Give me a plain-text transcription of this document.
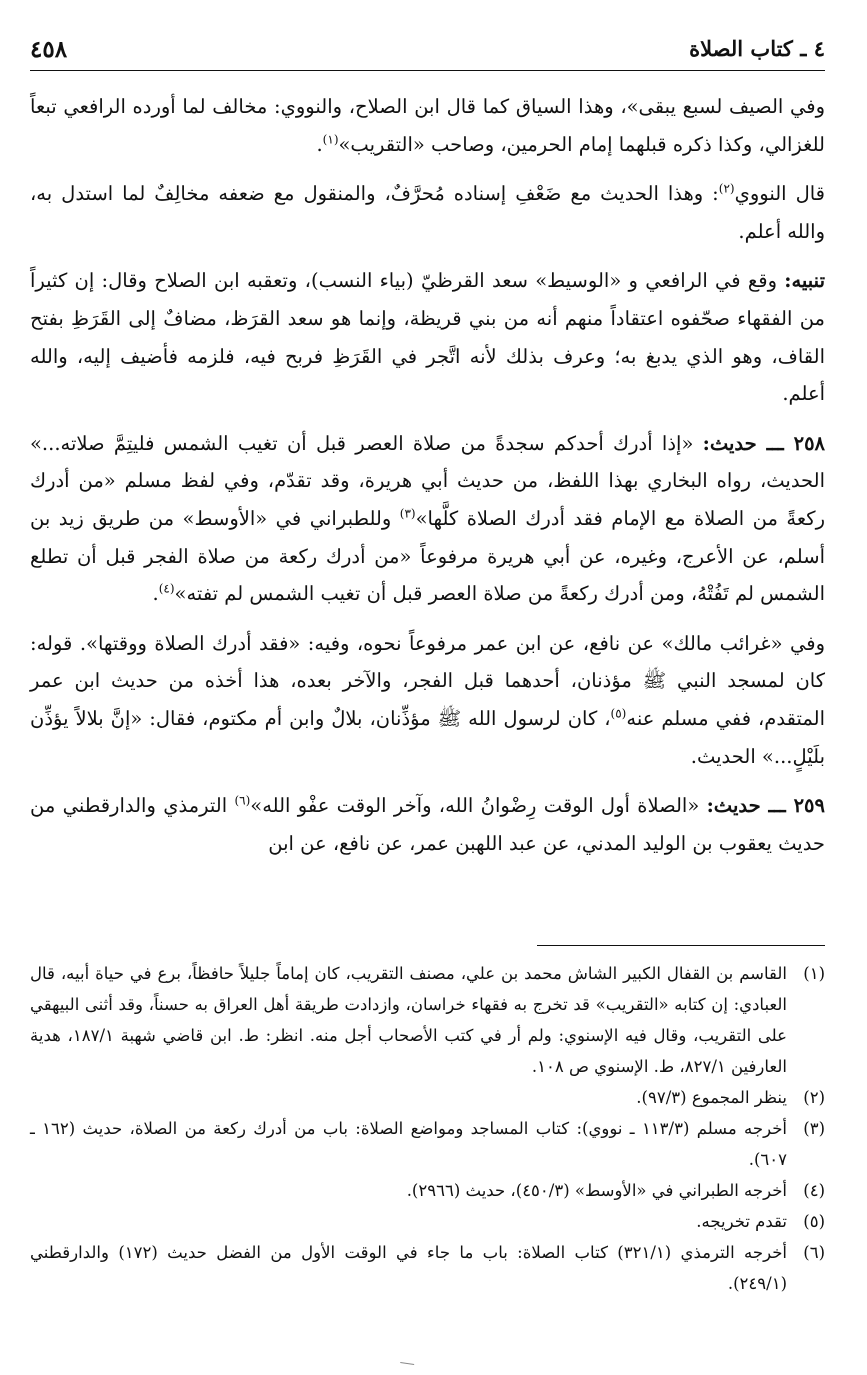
٤ ـ كتاب الصلاة
٤٥٨

وفي الصيف لسبع يبقى»، وهذا السياق كما قال ابن الصلاح، والنووي: مخالف لما أورده الرافعي تبعاً للغزالي، وكذا ذكره قبلهما إمام الحرمين، وصاحب «التقريب»$^{(١)}$.

قال النووي$^{(٢)}$: وهذا الحديث مع ضَعْفِ إسناده مُحرَّفٌ، والمنقول مع ضعفه مخالِفٌ لما استدل به، والله أعلم.

تنبيه: وقع في الرافعي و «الوسيط» سعد القرظيّ (بياء النسب)، وتعقبه ابن الصلاح وقال: إن كثيراً من الفقهاء صحّفوه اعتقاداً منهم أنه من بني قريظة، وإنما هو سعد القرَظ، مضافٌ إلى القَرَظِ بفتح القاف، وهو الذي يدبغ به؛ وعرف بذلك لأنه اتَّجر في القَرَظِ فربح فيه، فلزمه فأضيف إليه، والله أعلم.

٢٥٨ ـــ حديث: «إذا أدرك أحدكم سجدةً من صلاة العصر قبل أن تغيب الشمس فليتِمَّ صلاته...» الحديث، رواه البخاري بهذا اللفظ، من حديث أبي هريرة، وقد تقدّم، وفي لفظ مسلم «من أدرك ركعةً من الصلاة مع الإمام فقد أدرك الصلاة كلَّها»$^{(٣)}$ وللطبراني في «الأوسط» من طريق زيد بن أسلم، عن الأعرج، وغيره، عن أبي هريرة مرفوعاً «من أدرك ركعة من صلاة الفجر قبل أن تطلع الشمس لم تَفُتْهُ، ومن أدرك ركعةً من صلاة العصر قبل أن تغيب الشمس لم تفته»$^{(٤)}$.

وفي «غرائب مالك» عن نافع، عن ابن عمر مرفوعاً نحوه، وفيه: «فقد أدرك الصلاة ووقتها». قوله: كان لمسجد النبي ﷺ مؤذنان، أحدهما قبل الفجر، والآخر بعده، هذا أخذه من حديث ابن عمر المتقدم، ففي مسلم عنه$^{(٥)}$، كان لرسول الله ﷺ مؤذِّنان، بلالٌ وابن أم مكتوم، فقال: «إنَّ بلالاً يؤذِّن بلَيْلٍ...» الحديث.

٢٥٩ ـــ حديث: «الصلاة أول الوقت رِضْوانُ الله، وآخر الوقت عفْو الله»$^{(٦)}$ الترمذي والدارقطني من حديث يعقوب بن الوليد المدني، عن عبد اللهبن عمر، عن نافع، عن ابن

(١)
القاسم بن القفال الكبير الشاش محمد بن علي، مصنف التقريب، كان إماماً جليلاً حافظاً، برع في حياة أبيه، قال العبادي: إن كتابه «التقريب» قد تخرج به فقهاء خراسان، وازدادت طريقة أهل العراق به حسناً، وقد أثنى البيهقي على التقريب، وقال فيه الإسنوي: ولم أر في كتب الأصحاب أجل منه. انظر: ط. ابن قاضي شهبة ١٨٧/١، هدية العارفين ٨٢٧/١، ط. الإسنوي ص ١٠٨.

(٢)
ينظر المجموع (٩٧/٣).

(٣)
أخرجه مسلم (١١٣/٣ ـ نووي): كتاب المساجد ومواضع الصلاة: باب من أدرك ركعة من الصلاة، حديث (١٦٢ ـ ٦٠٧).

(٤)
أخرجه الطبراني في «الأوسط» (٤٥٠/٣)، حديث (٢٩٦٦).

(٥)
تقدم تخريجه.

(٦)
أخرجه الترمذي (٣٢١/١) كتاب الصلاة: باب ما جاء في الوقت الأول من الفضل حديث (١٧٢) والدارقطني (٢٤٩/١).
